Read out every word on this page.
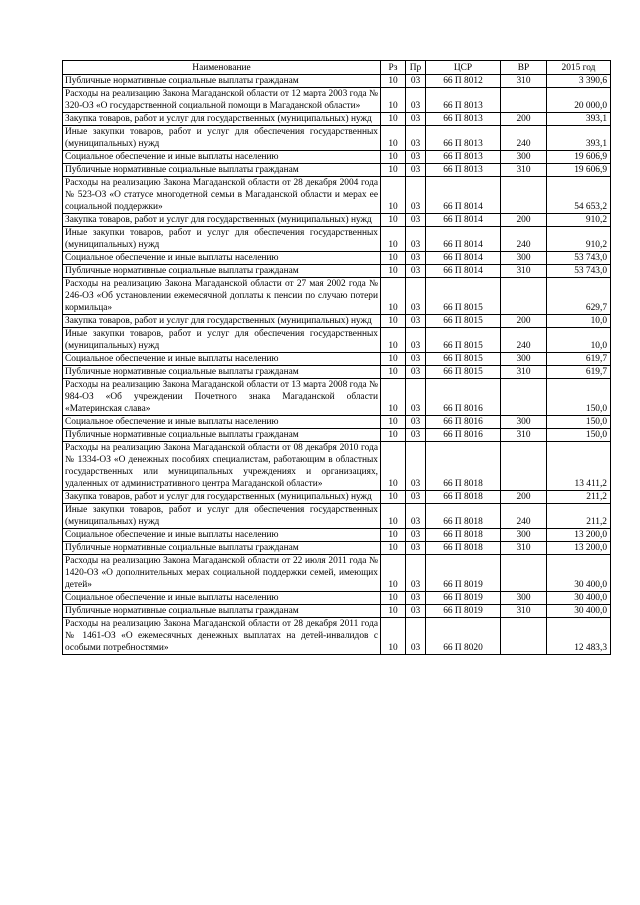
Наименование	Рз	Пр	ЦСР	ВР	2015 год
Публичные нормативные социальные выплаты гражданам	10	03	66 П 8012	310	3 390,6
Расходы на реализацию Закона Магаданской области от 12 марта 2003 года № 320-ОЗ «О государственной социальной помощи в Магаданской области»	10	03	66 П 8013		20 000,0
Закупка товаров, работ и услуг для государственных (муниципальных) нужд	10	03	66 П 8013	200	393,1
Иные закупки товаров, работ и услуг для обеспечения государственных (муниципальных) нужд	10	03	66 П 8013	240	393,1
Социальное обеспечение и иные выплаты населению	10	03	66 П 8013	300	19 606,9
Публичные нормативные социальные выплаты гражданам	10	03	66 П 8013	310	19 606,9
Расходы на реализацию Закона Магаданской области от 28 декабря 2004 года № 523-ОЗ «О статусе многодетной семьи в Магаданской области и мерах ее социальной поддержки»	10	03	66 П 8014		54 653,2
Закупка товаров, работ и услуг для государственных (муниципальных) нужд	10	03	66 П 8014	200	910,2
Иные закупки товаров, работ и услуг для обеспечения государственных (муниципальных) нужд	10	03	66 П 8014	240	910,2
Социальное обеспечение и иные выплаты населению	10	03	66 П 8014	300	53 743,0
Публичные нормативные социальные выплаты гражданам	10	03	66 П 8014	310	53 743,0
Расходы на реализацию Закона Магаданской области от 27 мая 2002 года № 246-ОЗ «Об установлении ежемесячной доплаты к пенсии по случаю потери кормильца»	10	03	66 П 8015		629,7
Закупка товаров, работ и услуг для государственных (муниципальных) нужд	10	03	66 П 8015	200	10,0
Иные закупки товаров, работ и услуг для обеспечения государственных (муниципальных) нужд	10	03	66 П 8015	240	10,0
Социальное обеспечение и иные выплаты населению	10	03	66 П 8015	300	619,7
Публичные нормативные социальные выплаты гражданам	10	03	66 П 8015	310	619,7
Расходы на реализацию Закона Магаданской области от 13 марта 2008 года № 984-ОЗ «Об учреждении Почетного знака Магаданской области «Материнская слава»	10	03	66 П 8016		150,0
Социальное обеспечение и иные выплаты населению	10	03	66 П 8016	300	150,0
Публичные нормативные социальные выплаты гражданам	10	03	66 П 8016	310	150,0
Расходы на реализацию Закона Магаданской области от 08 декабря 2010 года № 1334-ОЗ «О денежных пособиях специалистам, работающим в областных государственных или муниципальных учреждениях и организациях, удаленных от административного центра Магаданской области»	10	03	66 П 8018		13 411,2
Закупка товаров, работ и услуг для государственных (муниципальных) нужд	10	03	66 П 8018	200	211,2
Иные закупки товаров, работ и услуг для обеспечения государственных (муниципальных) нужд	10	03	66 П 8018	240	211,2
Социальное обеспечение и иные выплаты населению	10	03	66 П 8018	300	13 200,0
Публичные нормативные социальные выплаты гражданам	10	03	66 П 8018	310	13 200,0
Расходы на реализацию Закона Магаданской области от 22 июля 2011 года № 1420-ОЗ «О дополнительных мерах социальной поддержки семей, имеющих детей»	10	03	66 П 8019		30 400,0
Социальное обеспечение и иные выплаты населению	10	03	66 П 8019	300	30 400,0
Публичные нормативные социальные выплаты гражданам	10	03	66 П 8019	310	30 400,0
Расходы на реализацию Закона Магаданской области от 28 декабря 2011 года № 1461-ОЗ «О ежемесячных денежных выплатах на детей-инвалидов с особыми потребностями»	10	03	66 П 8020		12 483,3
